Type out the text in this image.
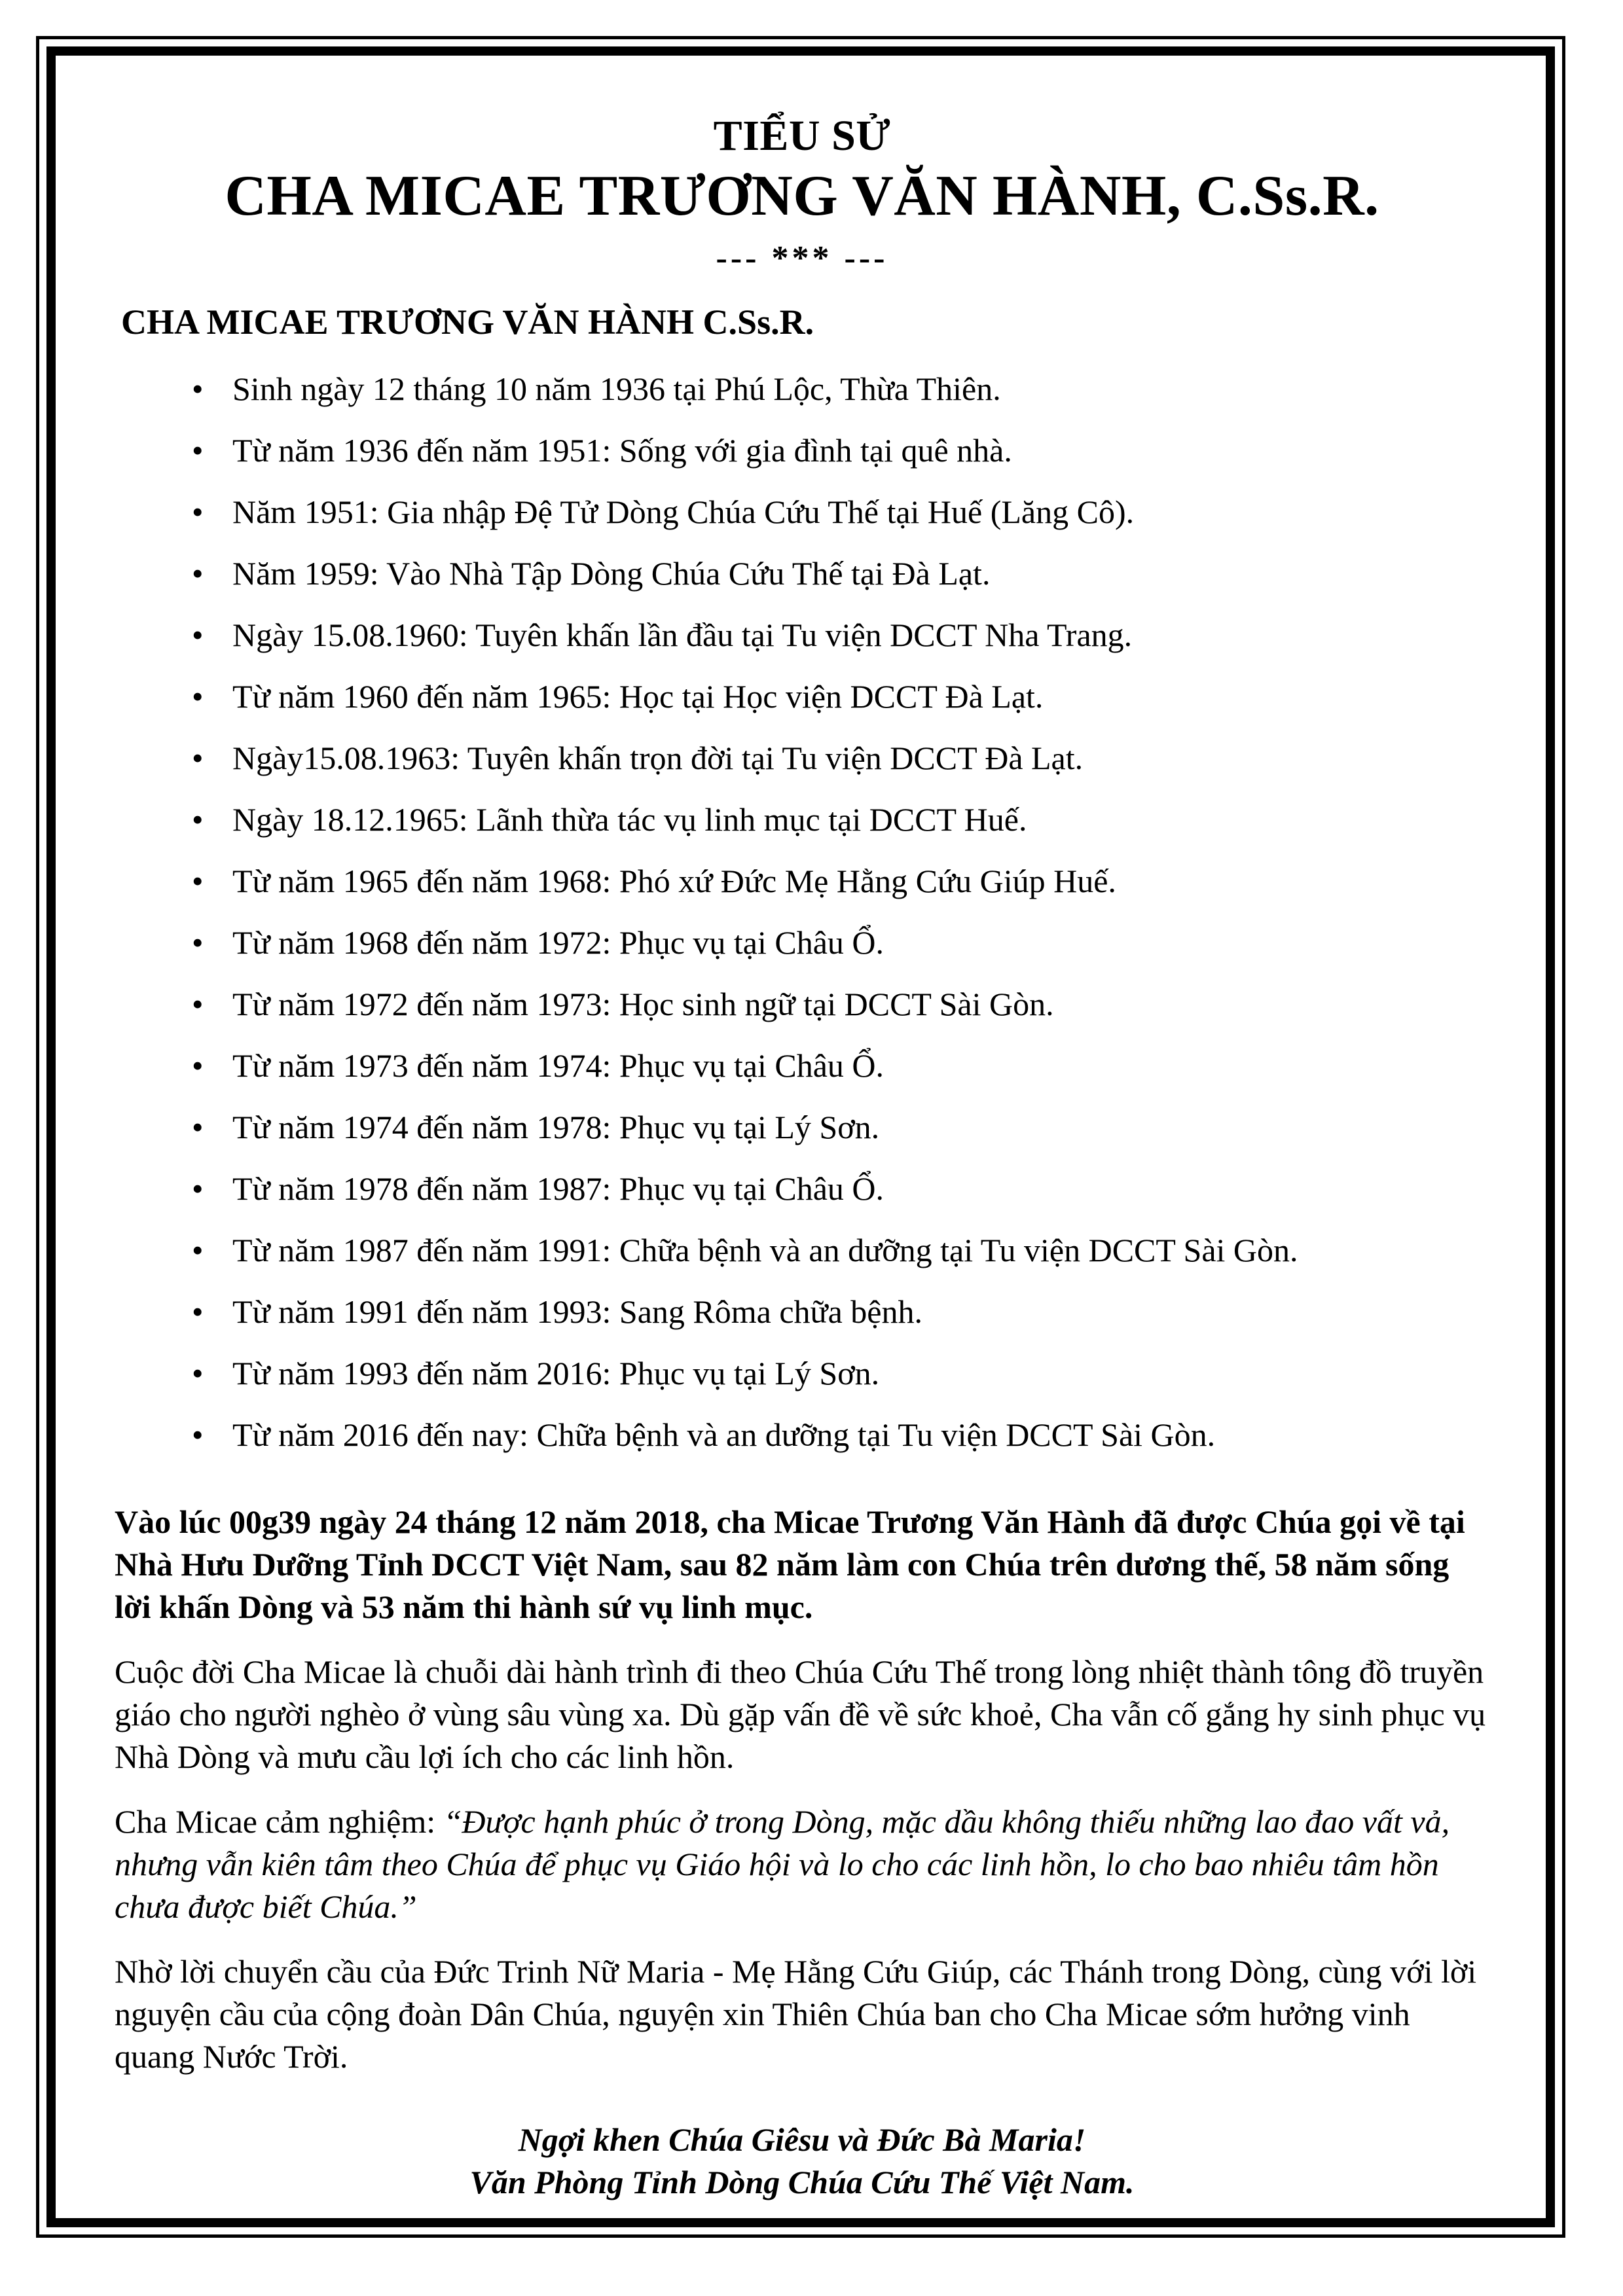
TIỂU SỬ
CHA MICAE TRƯƠNG VĂN HÀNH, C.Ss.R.
--- *** ---
CHA MICAE TRƯƠNG VĂN HÀNH C.Ss.R.
• Sinh ngày 12 tháng 10 năm 1936 tại Phú Lộc, Thừa Thiên.
• Từ năm 1936 đến năm 1951: Sống với gia đình tại quê nhà.
• Năm 1951: Gia nhập Đệ Tử Dòng Chúa Cứu Thế tại Huế (Lăng Cô).
• Năm 1959: Vào Nhà Tập Dòng Chúa Cứu Thế tại Đà Lạt.
• Ngày 15.08.1960: Tuyên khấn lần đầu tại Tu viện DCCT Nha Trang.
• Từ năm 1960 đến năm 1965: Học tại Học viện DCCT Đà Lạt.
• Ngày15.08.1963: Tuyên khấn trọn đời tại Tu viện DCCT Đà Lạt.
• Ngày 18.12.1965: Lãnh thừa tác vụ linh mục tại DCCT Huế.
• Từ năm 1965 đến năm 1968: Phó xứ Đức Mẹ Hằng Cứu Giúp Huế.
• Từ năm 1968 đến năm 1972: Phục vụ tại Châu Ổ.
• Từ năm 1972 đến năm 1973: Học sinh ngữ tại DCCT Sài Gòn.
• Từ năm 1973 đến năm 1974: Phục vụ tại Châu Ổ.
• Từ năm 1974 đến năm 1978: Phục vụ tại Lý Sơn.
• Từ năm 1978 đến năm 1987: Phục vụ tại Châu Ổ.
• Từ năm 1987 đến năm 1991: Chữa bệnh và an dưỡng tại Tu viện DCCT Sài Gòn.
• Từ năm 1991 đến năm 1993: Sang Rôma chữa bệnh.
• Từ năm 1993 đến năm 2016: Phục vụ tại Lý Sơn.
• Từ năm 2016 đến nay: Chữa bệnh và an dưỡng tại Tu viện DCCT Sài Gòn.

Vào lúc 00g39 ngày 24 tháng 12 năm 2018, cha Micae Trương Văn Hành đã được Chúa gọi về tại Nhà Hưu Dưỡng Tỉnh DCCT Việt Nam, sau 82 năm làm con Chúa trên dương thế, 58 năm sống lời khấn Dòng và 53 năm thi hành sứ vụ linh mục.

Cuộc đời Cha Micae là chuỗi dài hành trình đi theo Chúa Cứu Thế trong lòng nhiệt thành tông đồ truyền giáo cho người nghèo ở vùng sâu vùng xa. Dù gặp vấn đề về sức khoẻ, Cha vẫn cố gắng hy sinh phục vụ Nhà Dòng và mưu cầu lợi ích cho các linh hồn.

Cha Micae cảm nghiệm: “Được hạnh phúc ở trong Dòng, mặc dầu không thiếu những lao đao vất vả, nhưng vẫn kiên tâm theo Chúa để phục vụ Giáo hội và lo cho các linh hồn, lo cho bao nhiêu tâm hồn chưa được biết Chúa.”

Nhờ lời chuyển cầu của Đức Trinh Nữ Maria - Mẹ Hằng Cứu Giúp, các Thánh trong Dòng, cùng với lời nguyện cầu của cộng đoàn Dân Chúa, nguyện xin Thiên Chúa ban cho Cha Micae sớm hưởng vinh quang Nước Trời.

Ngợi khen Chúa Giêsu và Đức Bà Maria!

Văn Phòng Tỉnh Dòng Chúa Cứu Thế Việt Nam.
